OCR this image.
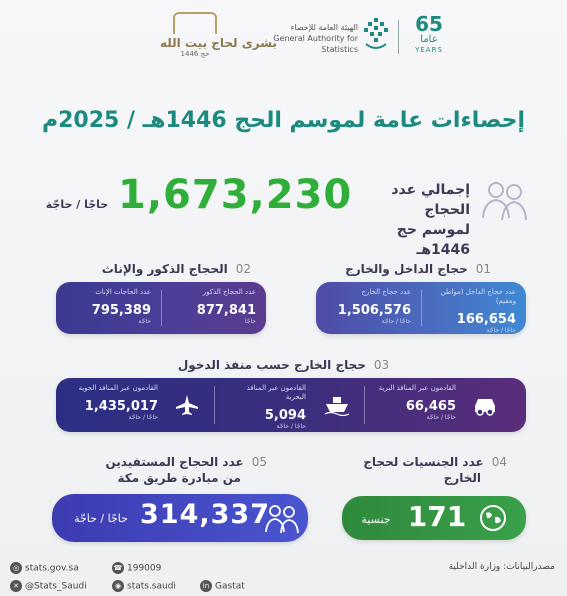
بشرى لحاج بيت الله
حج 1446
الهيئة العامة للإحصاء
General Authority for Statistics
65
عاما
YEARS
إحصاءات عامة لموسم الحج 1446هـ / 2025م
إجمالي عدد الحجاج
لموسم حج 1446هـ
1,673,230
حاجًا / حاجّة
01حجاج الداخل والخارج
عدد حجاج الداخل (مواطن ومقيم)
166,654
حاجًا / حاجّة
عدد حجاج الخارج
1,506,576
حاجًا / حاجّة
02الحجاج الذكور والإناث
عدد الحجاج الذكور
877,841
حاجًا
عدد الحاجات الإناث
795,389
حاجّة
03حجاج الخارج حسب منفذ الدخول
القادمون عبر المنافذ البرية
66,465
حاجًا / حاجّة
القادمون عبر المنافذ البحرية
5,094
حاجًا / حاجّة
القادمون عبر المنافذ الجوية
1,435,017
حاجًا / حاجّة
04عدد الجنسيات لحجاج
الخارج
171
جنسية
05عدد الحجاج المستفيدين
من مبادرة طريق مكة
314,337
حاجًا / حاجّة
◎ stats.gov.sa
✕ @Stats_Saudi
☎ 199009
◉ stats.saudi	in Gastat
مصدرالبيانات: وزارة الداخلية
